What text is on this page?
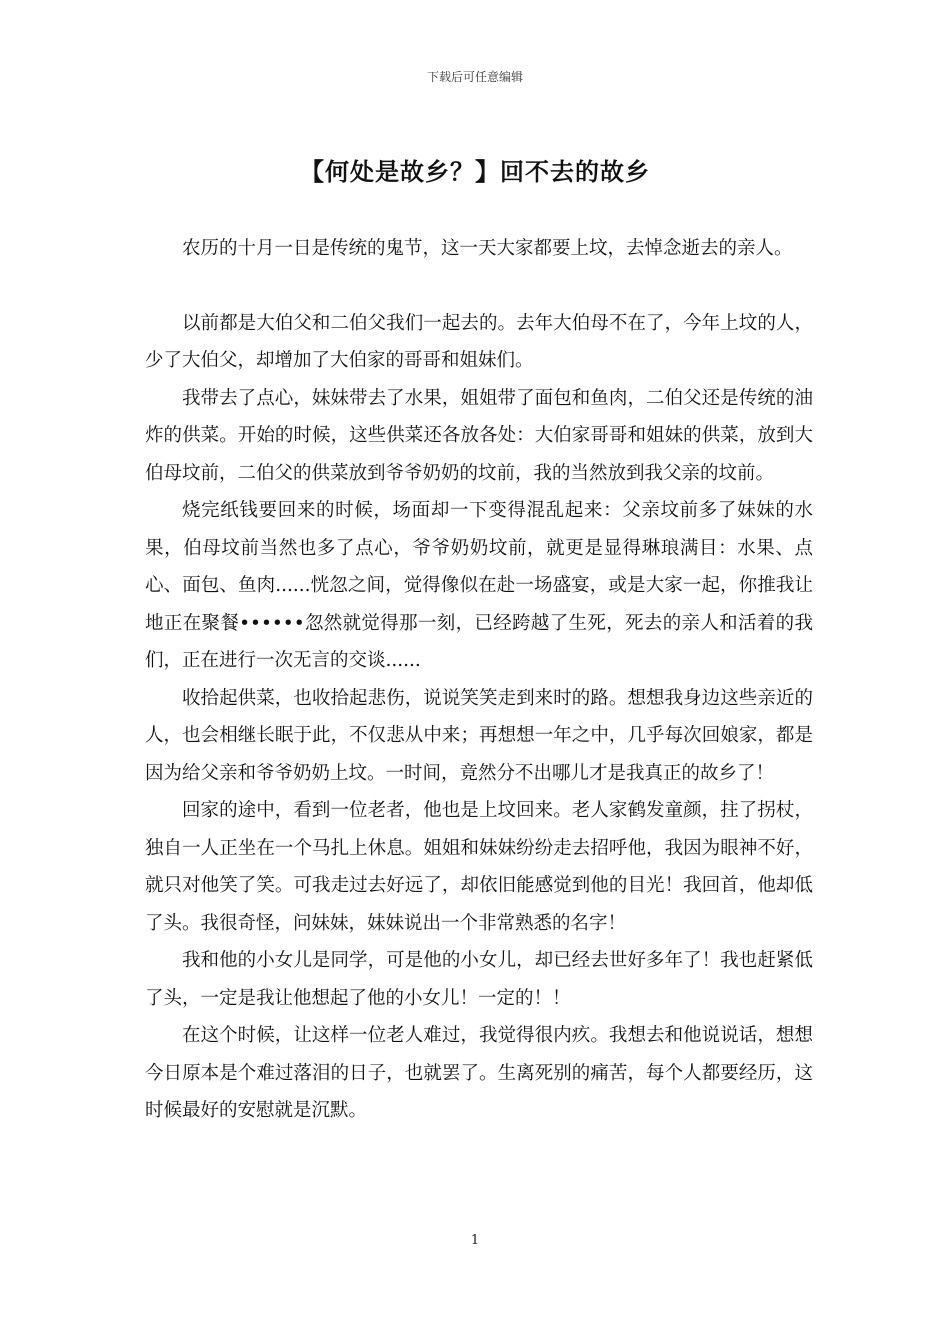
下载后可任意编辑
【何处是故乡？】回不去的故乡

农历的十月一日是传统的鬼节，这一天大家都要上坟，去悼念逝去的亲人。

以前都是大伯父和二伯父我们一起去的。去年大伯母不在了，今年上坟的人，少了大伯父，却增加了大伯家的哥哥和姐妹们。

我带去了点心，妹妹带去了水果，姐姐带了面包和鱼肉，二伯父还是传统的油炸的供菜。开始的时候，这些供菜还各放各处：大伯家哥哥和姐妹的供菜，放到大伯母坟前，二伯父的供菜放到爷爷奶奶的坟前，我的当然放到我父亲的坟前。

烧完纸钱要回来的时候，场面却一下变得混乱起来：父亲坟前多了妹妹的水果，伯母坟前当然也多了点心，爷爷奶奶坟前，就更是显得琳琅满目：水果、点心、面包、鱼肉......恍忽之间，觉得像似在赴一场盛宴，或是大家一起，你推我让地正在聚餐••••••忽然就觉得那一刻，已经跨越了生死，死去的亲人和活着的我们，正在进行一次无言的交谈......

收拾起供菜，也收拾起悲伤，说说笑笑走到来时的路。想想我身边这些亲近的人，也会相继长眠于此，不仅悲从中来；再想想一年之中，几乎每次回娘家，都是因为给父亲和爷爷奶奶上坟。一时间，竟然分不出哪儿才是我真正的故乡了！

回家的途中，看到一位老者，他也是上坟回来。老人家鹤发童颜，拄了拐杖，独自一人正坐在一个马扎上休息。姐姐和妹妹纷纷走去招呼他，我因为眼神不好，就只对他笑了笑。可我走过去好远了，却依旧能感觉到他的目光！我回首，他却低了头。我很奇怪，问妹妹，妹妹说出一个非常熟悉的名字！

我和他的小女儿是同学，可是他的小女儿，却已经去世好多年了！我也赶紧低了头，一定是我让他想起了他的小女儿！一定的！！

在这个时候，让这样一位老人难过，我觉得很内疚。我想去和他说说话，想想今日原本是个难过落泪的日子，也就罢了。生离死别的痛苦，每个人都要经历，这时候最好的安慰就是沉默。

1
